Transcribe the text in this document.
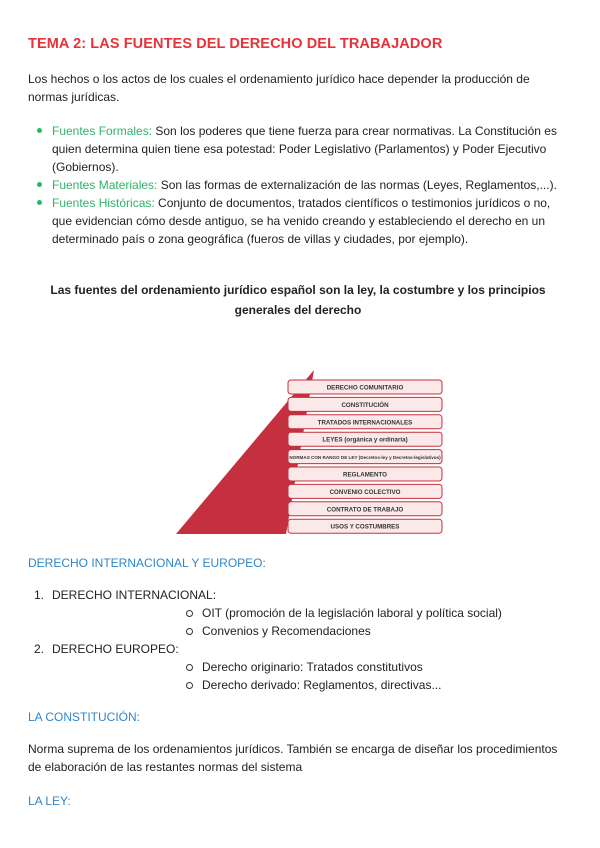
TEMA 2: LAS FUENTES DEL DERECHO DEL TRABAJADOR

Los hechos o los actos de los cuales el ordenamiento jurídico hace depender la producción de normas jurídicas.

Fuentes Formales: Son los poderes que tiene fuerza para crear normativas. La Constitución es quien determina quien tiene esa potestad: Poder Legislativo (Parlamentos) y Poder Ejecutivo (Gobiernos).
Fuentes Materiales: Son las formas de externalización de las normas (Leyes, Reglamentos,...).
Fuentes Históricas: Conjunto de documentos, tratados científicos o testimonios jurídicos o no, que evidencian cómo desde antiguo, se ha venido creando y estableciendo el derecho en un determinado país o zona geográfica (fueros de villas y ciudades, por ejemplo).

Las fuentes del ordenamiento jurídico español son la ley, la costumbre y los principios generales del derecho

DERECHO COMUNITARIO
CONSTITUCIÓN
TRATADOS INTERNACIONALES
LEYES (orgánica y ordinaria)
NORMAS CON RANGO DE LEY (Decretos-ley y Decretos-legislativos)
REGLAMENTO
CONVENIO COLECTIVO
CONTRATO DE TRABAJO
USOS Y COSTUMBRES

DERECHO INTERNACIONAL Y EUROPEO:

1. DERECHO INTERNACIONAL:
OIT (promoción de la legislación laboral y política social)
Convenios y Recomendaciones
2. DERECHO EUROPEO:
Derecho originario: Tratados constitutivos
Derecho derivado: Reglamentos, directivas...

LA CONSTITUCIÓN:

Norma suprema de los ordenamientos jurídicos. También se encarga de diseñar los procedimientos de elaboración de las restantes normas del sistema

LA LEY:
